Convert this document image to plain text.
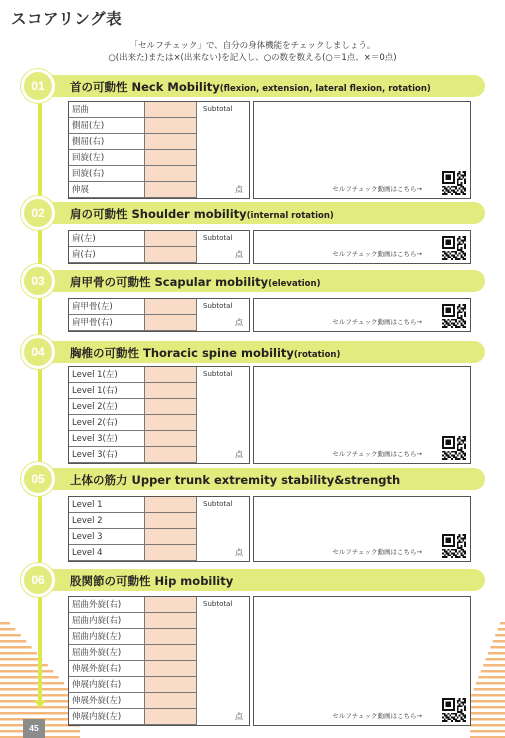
スコアリング表
「セルフチェック」で、自分の身体機能をチェックしましょう。
○(出来た)または×(出来ない)を記入し、○の数を数える(○＝1点、×＝0点)
01	首の可動性 Neck Mobility(flexion, extension, lateral flexion, rotation)
屈曲
側屈(左)
側屈(右)
回旋(左)
回旋(右)
伸展
Subtotal
点	セルフチェック動画はこちら→
02	肩の可動性 Shoulder mobility(internal rotation)
肩(左)
肩(右)
Subtotal
点	セルフチェック動画はこちら→
03	肩甲骨の可動性 Scapular mobility(elevation)
肩甲骨(左)
肩甲骨(右)
Subtotal
点	セルフチェック動画はこちら→
04	胸椎の可動性 Thoracic spine mobility(rotation)
Level 1(左)
Level 1(右)
Level 2(左)
Level 2(右)
Level 3(左)
Level 3(右)
Subtotal
点	セルフチェック動画はこちら→
05	上体の筋力 Upper trunk extremity stability&strength
Level 1
Level 2
Level 3
Level 4
Subtotal
点	セルフチェック動画はこちら→
06	股関節の可動性 Hip mobility
屈曲外旋(右)
屈曲内旋(右)
屈曲内旋(左)
屈曲外旋(左)
伸展外旋(右)
伸展内旋(右)
伸展外旋(左)
伸展内旋(左)
Subtotal
点	セルフチェック動画はこちら→
45
